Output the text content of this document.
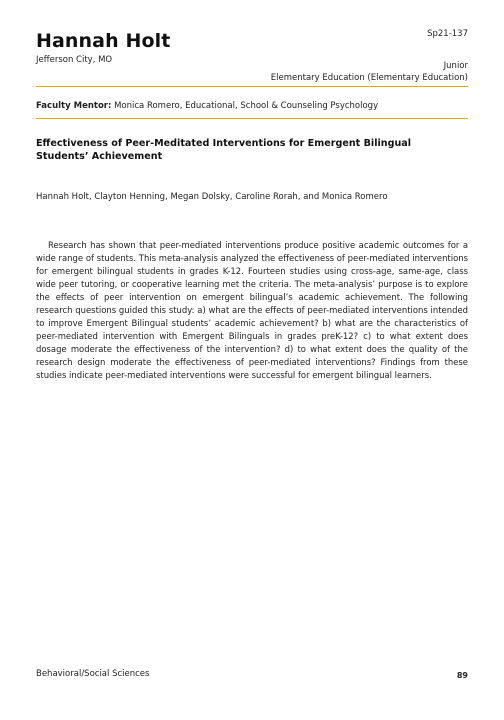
Hannah Holt	Sp21-137
Jefferson City, MO
Junior
Elementary Education (Elementary Education)
Faculty Mentor: Monica Romero, Educational, School & Counseling Psychology
Effectiveness of Peer-Meditated Interventions for Emergent Bilingual Students’ Achievement
Hannah Holt, Clayton Henning, Megan Dolsky, Caroline Rorah, and Monica Romero

Research has shown that peer-mediated interventions produce positive academic outcomes for a wide range of students. This meta-analysis analyzed the effectiveness of peer-mediated interventions for emergent bilingual students in grades K-12. Fourteen studies using cross-age, same-age, class wide peer tutoring, or cooperative learning met the criteria. The meta-analysis’ purpose is to explore the effects of peer intervention on emergent bilingual’s academic achievement. The following research questions guided this study: a) what are the effects of peer-mediated interventions intended to improve Emergent Bilingual students’ academic achievement? b) what are the characteristics of peer-mediated intervention with Emergent Bilinguals in grades preK-12? c) to what extent does dosage moderate the effectiveness of the intervention? d) to what extent does the quality of the research design moderate the effectiveness of peer-mediated interventions? Findings from these studies indicate peer-mediated interventions were successful for emergent bilingual learners.

Behavioral/Social Sciences	89
